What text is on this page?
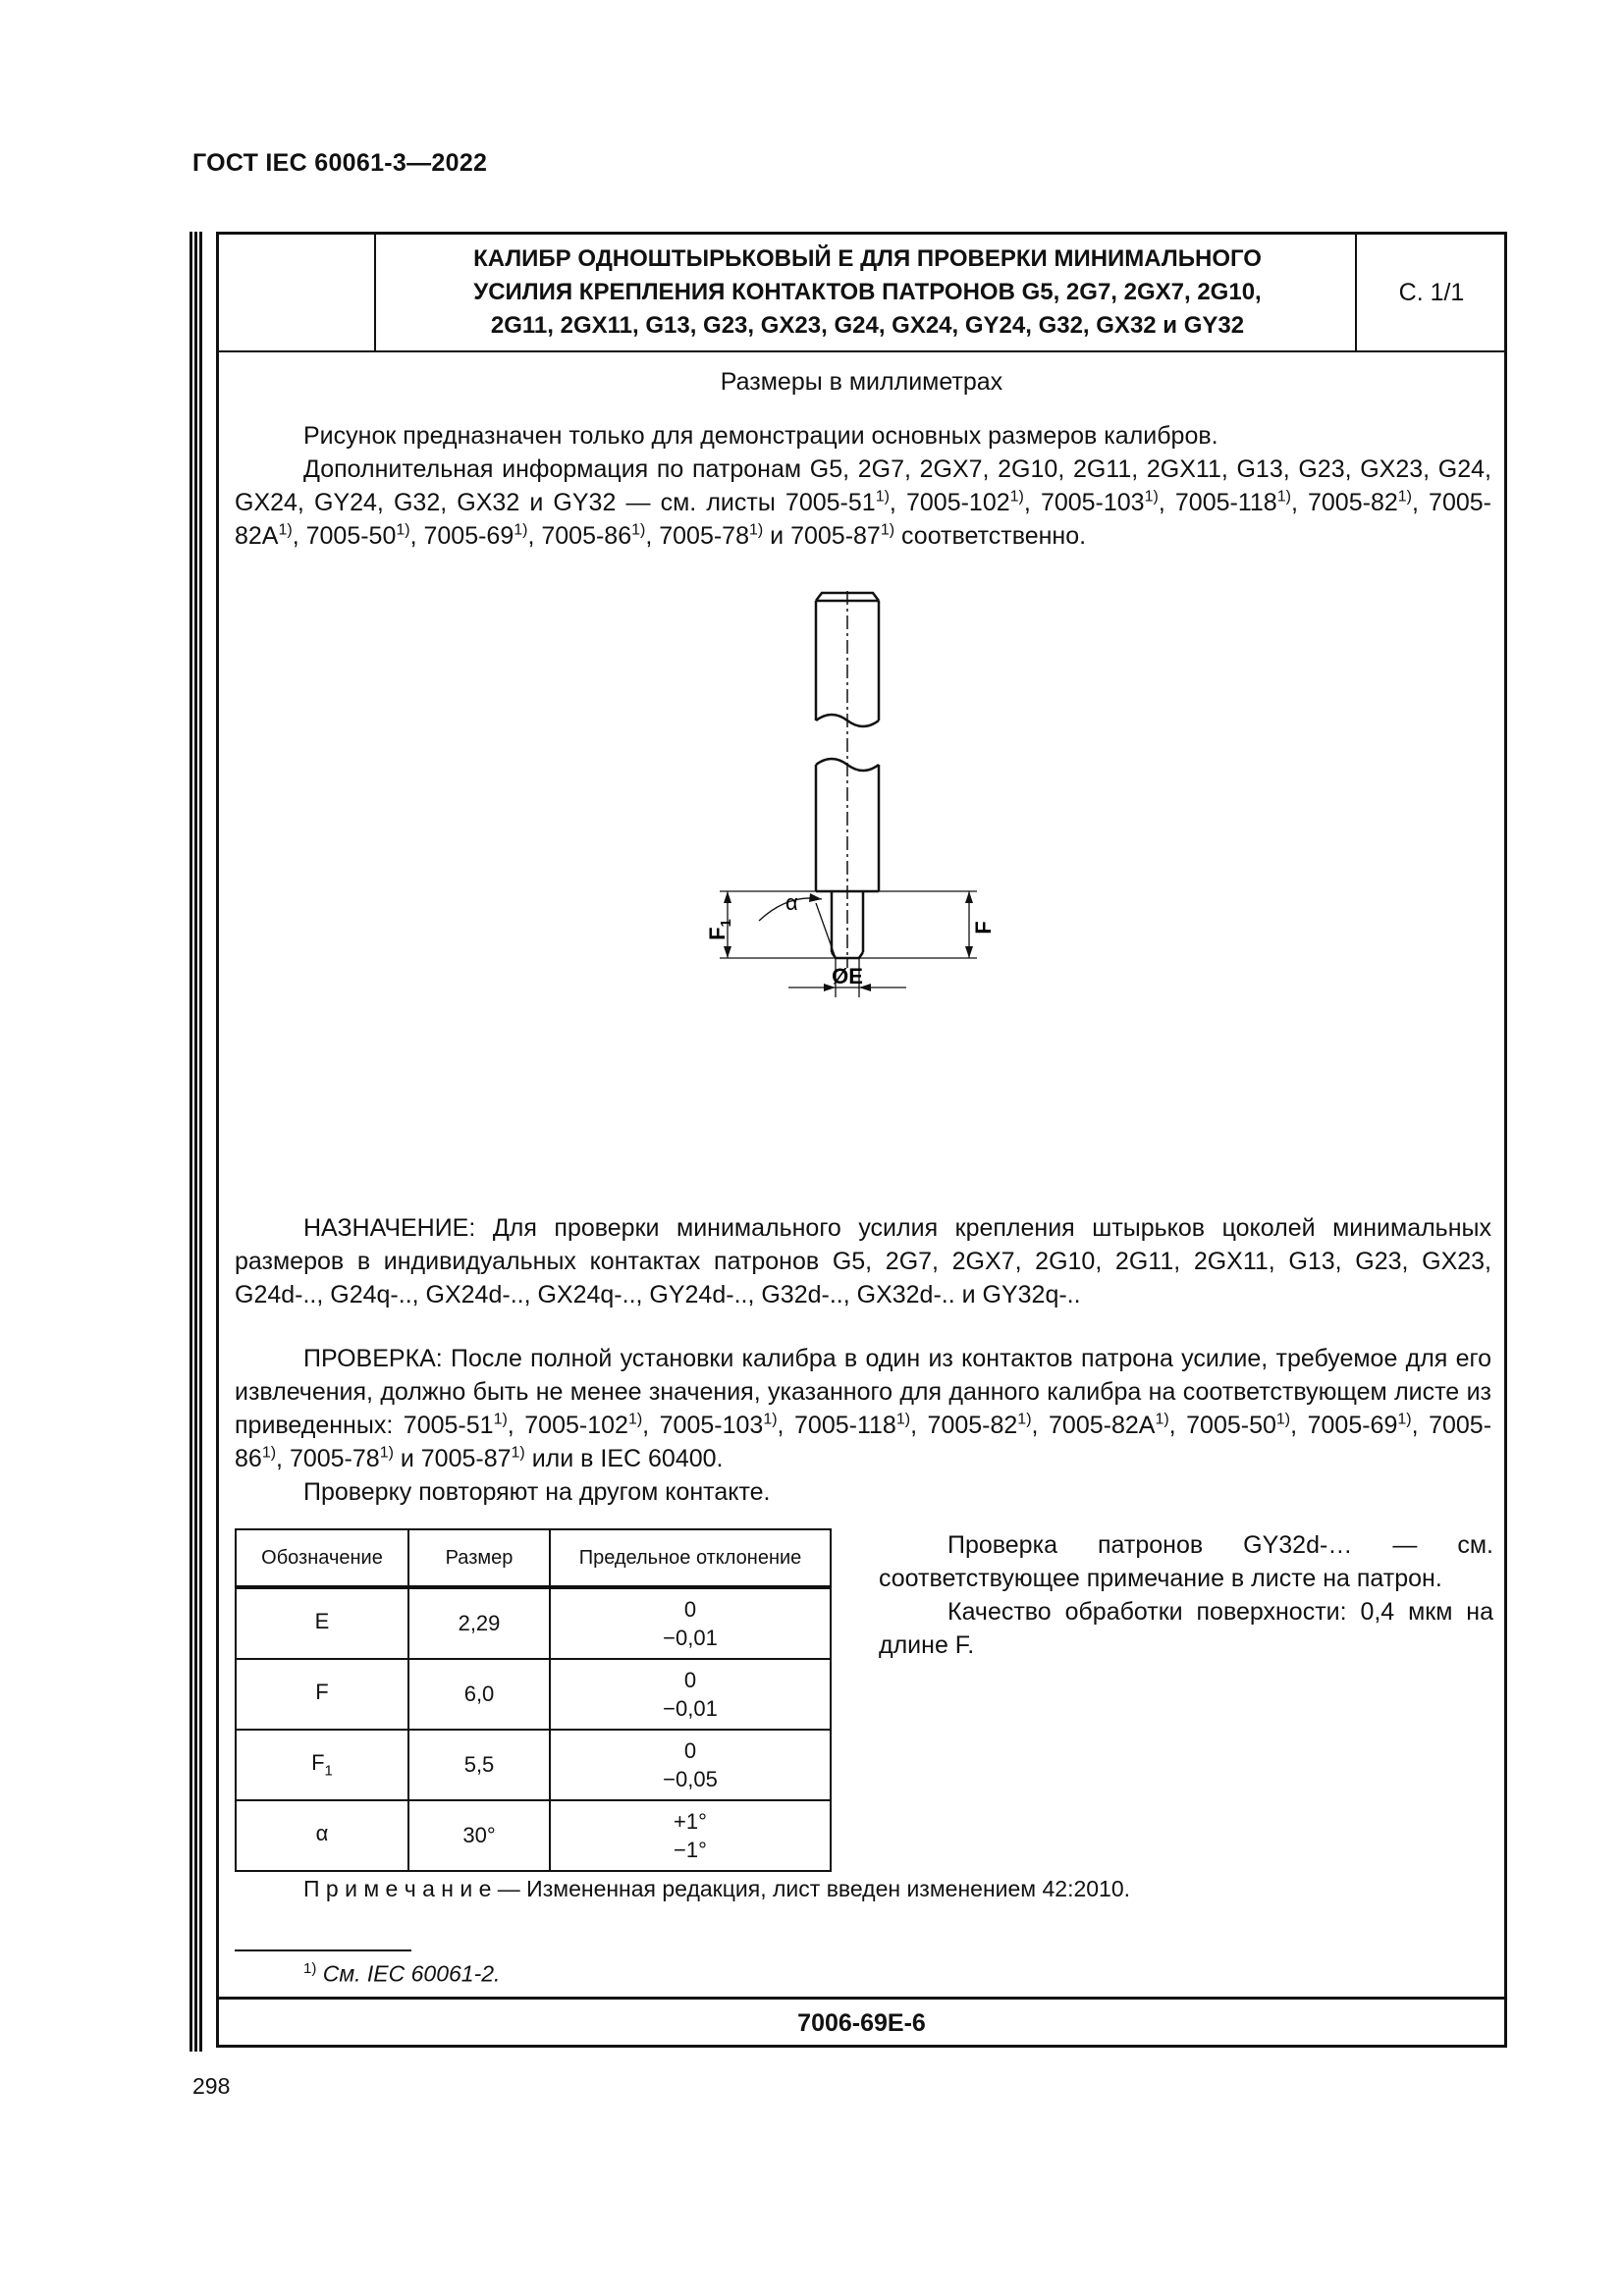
ГОСТ IEC 60061-3—2022
КАЛИБР ОДНОШТЫРЬКОВЫЙ E ДЛЯ ПРОВЕРКИ МИНИМАЛЬНОГО
УСИЛИЯ КРЕПЛЕНИЯ КОНТАКТОВ ПАТРОНОВ G5, 2G7, 2GX7, 2G10,
2G11, 2GX11, G13, G23, GX23, G24, GX24, GY24, G32, GX32 и GY32
С. 1/1
Размеры в миллиметрах
Рисунок предназначен только для демонстрации основных размеров калибров.
Дополнительная информация по патронам G5, 2G7, 2GX7, 2G10, 2G11, 2GX11, G13, G23, GX23, G24, GX24, GY24, G32, GX32 и GY32 — см. листы 7005-51$^{1)}$, 7005-102$^{1)}$, 7005-103$^{1)}$, 7005-118$^{1)}$, 7005-82$^{1)}$, $7005-82A^{1)}$, 7005-50$^{1)}$, 7005-69$^{1)}$, 7005-86$^{1)}$, 7005-78$^{1)}$ и 7005-87$^{1)}$ соответственно.
α
$F_1$	F
ØE
НАЗНАЧЕНИЕ: Для проверки минимального усилия крепления штырьков цоколей минимальных размеров в индивидуальных контактах патронов G5, 2G7, 2GX7, 2G10, 2G11, 2GX11, G13, G23, GX23, G24d-.., G24q-.., GX24d-.., GX24q-.., GY24d-.., G32d-.., GX32d-.. и GY32q-..
ПРОВЕРКА: После полной установки калибра в один из контактов патрона усилие, требуемое для его извлечения, должно быть не менее значения, указанного для данного калибра на соответствующем листе из приведенных: 7005-51$^{1)}$, 7005-102$^{1)}$, 7005-103$^{1)}$, 7005-118$^{1)}$, 7005-82$^{1)}$, $7005-82A^{1)}$, 7005-50$^{1)}$, 7005-69$^{1)}$, 7005-86$^{1)}$, 7005-78$^{1)}$ и 7005-87$^{1)}$ или в IEC 60400.
Проверку повторяют на другом контакте.
Обозначение	Размер	Предельное отклонение
E	2,29	0
−0,01

F	6,0	0
−0,01

$F_1$	5,5	0
−0,05

α	30°	+1°
−1°
Проверка патронов GY32d-… — см. соответствующее примечание в листе на патрон.
Качество обработки поверхности: 0,4 мкм на длине F.
П р и м е ч а н и е — Измененная редакция, лист введен изменением 42:2010.
$^{1)}$ См. IEC 60061-2.
7006-69E-6
298
